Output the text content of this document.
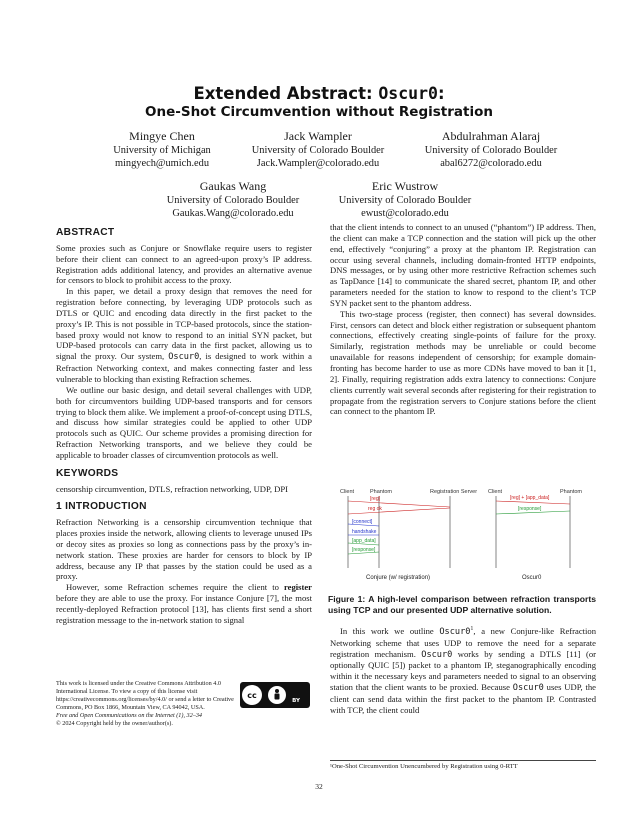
Extended Abstract: Oscur0:
One-Shot Circumvention without Registration
Mingye Chen
University of Michigan
mingyech@umich.edu
Jack Wampler
University of Colorado Boulder
Jack.Wampler@colorado.edu
Abdulrahman Alaraj
University of Colorado Boulder
abal6272@colorado.edu
Gaukas Wang
University of Colorado Boulder
Gaukas.Wang@colorado.edu
Eric Wustrow
University of Colorado Boulder
ewust@colorado.edu
ABSTRACT

Some proxies such as Conjure or Snowflake require users to register before their client can connect to an agreed-upon proxy’s IP address. Registration adds additional latency, and provides an alternative avenue for censors to block to prohibit access to the proxy.

In this paper, we detail a proxy design that removes the need for registration before connecting, by leveraging UDP protocols such as DTLS or QUIC and encoding data directly in the first packet to the proxy’s IP. This is not possible in TCP-based protocols, since the station-based proxy would not know to respond to an initial SYN packet, but UDP-based protocols can carry data in the first packet, allowing us to signal the proxy. Our system, Oscur0, is designed to work within a Refraction Networking context, and makes connecting faster and less vulnerable to blocking than existing Refraction schemes.

We outline our basic design, and detail several challenges with UDP, both for circumventors building UDP-based transports and for censors trying to block them alike. We implement a proof-of-concept using DTLS, and discuss how similar strategies could be applied to other UDP protocols such as QUIC. Our scheme provides a promising direction for Refraction Networking transports, and we believe they could be applicable to broader classes of circumvention protocols as well.

KEYWORDS

censorship circumvention, DTLS, refraction networking, UDP, DPI

1 INTRODUCTION

Refraction Networking is a censorship circumvention technique that places proxies inside the network, allowing clients to leverage unused IPs or decoy sites as proxies so long as connections pass by the proxy’s in-network station. These proxies are harder for censors to block by IP address, because any IP that passes by the station could be used as a proxy.

However, some Refraction schemes require the client to register before they are able to use the proxy. For instance Conjure [7], the most recently-deployed Refraction protocol [13], has clients first send a short registration message to the in-network station to signal

This work is licensed under the Creative Commons Attribution 4.0 International License. To view a copy of this license visit https://creativecommons.org/licenses/by/4.0/ or send a letter to Creative Commons, PO Box 1866, Mountain View, CA 94042, USA.
Free and Open Communications on the Internet (1), 32–34
© 2024 Copyright held by the owner/author(s).
cc
BY

that the client intends to connect to an unused (“phantom”) IP address. Then, the client can make a TCP connection and the station will pick up the other end, effectively “conjuring” a proxy at the phantom IP. Registration can occur using several channels, including domain-fronted HTTP endpoints, DNS messages, or by using other more restrictive Refraction schemes such as TapDance [14] to communicate the shared secret, phantom IP, and other parameters needed for the station to know to respond to the client’s TCP SYN packet sent to the phantom address.

This two-stage process (register, then connect) has several downsides. First, censors can detect and block either registration or subsequent phantom connections, effectively creating single-points of failure for the proxy. Similarly, registration methods may be unreliable or could become unavailable for reasons independent of censorship; for example domain-fronting has become harder to use as more CDNs have moved to ban it [1, 2]. Finally, requiring registration adds extra latency to connections: Conjure clients currently wait several seconds after registering for their registration to propagate from the registration servers to Conjure stations before the client can connect to the phantom IP.

Client	Phantom	Registration Server
[reg]
reg ok
[connect]
handshake
[app_data]
[response]
Conjure (w/ registration)
Client	Phantom
[reg] + [app_data]
[response]
Oscur0
Figure 1: A high-level comparison between refraction transports using TCP and our presented UDP alternative solution.

In this work we outline $Oscur0^1$, a new Conjure-like Refraction Networking scheme that uses UDP to remove the need for a separate registration mechanism. Oscur0 works by sending a DTLS [11] (or optionally QUIC [5]) packet to a phantom IP, steganographically encoding within it the necessary keys and parameters needed to signal to an observing station that the client wants to be proxied. Because Oscur0 uses UDP, the client can send data within the first packet to the phantom IP. Contrasted with TCP, the client could

¹One-Shot Circumvention Unencumbered by Registration using 0-RTT
32
